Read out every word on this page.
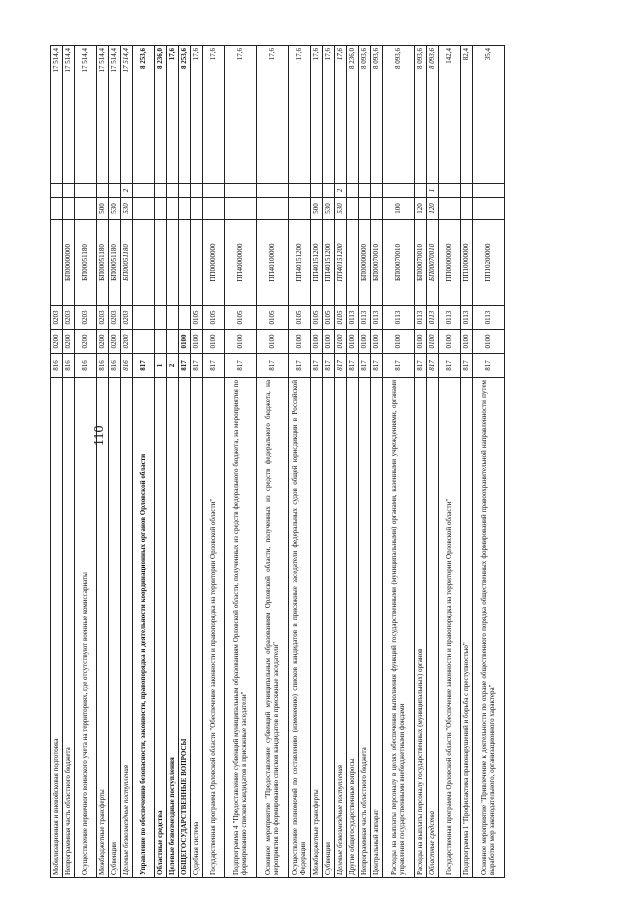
110
Мобилизационная и вневойсковая подготовка	816	0200	0203				17 514,4
Непрограммная часть областного бюджета	816	0200	0203	БП00000000			17 514,4
Осуществление первичного воинского учета на территориях, где отсутствуют военные комиссариаты	816	0200	0203	БП00051180			17 514,4
Межбюджетные трансферты	816	0200	0203	БП00051180	500		17 514,4
Субвенции	816	0200	0203	БП00051180	530		17 514,4
Целевые безвозмездные поступления	816	0200	0203	БП00051180	530	2	17 514,4
Управление по обеспечению безопасности, законности, правопорядка и деятельности координационных органов Орловской области	817						8 253,6
Областные средства	1						8 236,0
Целевые безвозмездные поступления	2						17,6
ОБЩЕГОСУДАРСТВЕННЫЕ ВОПРОСЫ	817	0100					8 253,6
Судебная система	817	0100	0105				17,6
Государственная программа Орловской области "Обеспечение законности и правопорядка на территории Орловской области"	817	0100	0105	ПП00000000			17,6
Подпрограмма 4 "Предоставление субвенций муниципальным образованиям Орловской области, полученных из средств федерального бюджета, на мероприятия по формированию списков кандидатов в присяжные заседатели"	817	0100	0105	ПП40000000			17,6
Основное мероприятие "Предоставление субвенций муниципальным образованиям Орловской области, полученных из средств федерального бюджета, на мероприятия по формированию списков кандидатов в присяжные заседатели"	817	0100	0105	ПП40100000			17,6
Осуществление полномочий по составлению (изменению) списков кандидатов в присяжные заседатели федеральных судов общей юрисдикции в Российской Федерации	817	0100	0105	ПП40151200			17,6
Межбюджетные трансферты	817	0100	0105	ПП40151200	500		17,6
Субвенции	817	0100	0105	ПП40151200	530		17,6
Целевые безвозмездные поступления	817	0100	0105	ПП40151200	530	2	17,6
Другие общегосударственные вопросы	817	0100	0113				8 236,0
Непрограммная часть областного бюджета	817	0100	0113	БП00000000			8 093,6
Центральный аппарат	817	0100	0113	БП00070010			8 093,6
Расходы на выплаты персоналу в целях обеспечения выполнения функций государственными (муниципальными) органами, казенными учреждениями, органами управления государственными внебюджетными фондами	817	0100	0113	БП00070010	100		8 093,6
Расходы на выплаты персоналу государственных (муниципальных) органов	817	0100	0113	БП00070010	120		8 093,6
Областные средства	817	0100	0113	БП00070010	120	1	8 093,6
Государственная программа Орловской области "Обеспечение законности и правопорядка на территории Орловской области"	817	0100	0113	ПП00000000			142,4
Подпрограмма 1 "Профилактика правонарушений и борьба с преступностью"	817	0100	0113	ПП10000000			82,4
Основное мероприятие "Привлечение к деятельности по охране общественного порядка общественных формирований правоохранительной направленности путем выработки мер законодательного, организационного характера"	817	0100	0113	ПП10200000			35,4
